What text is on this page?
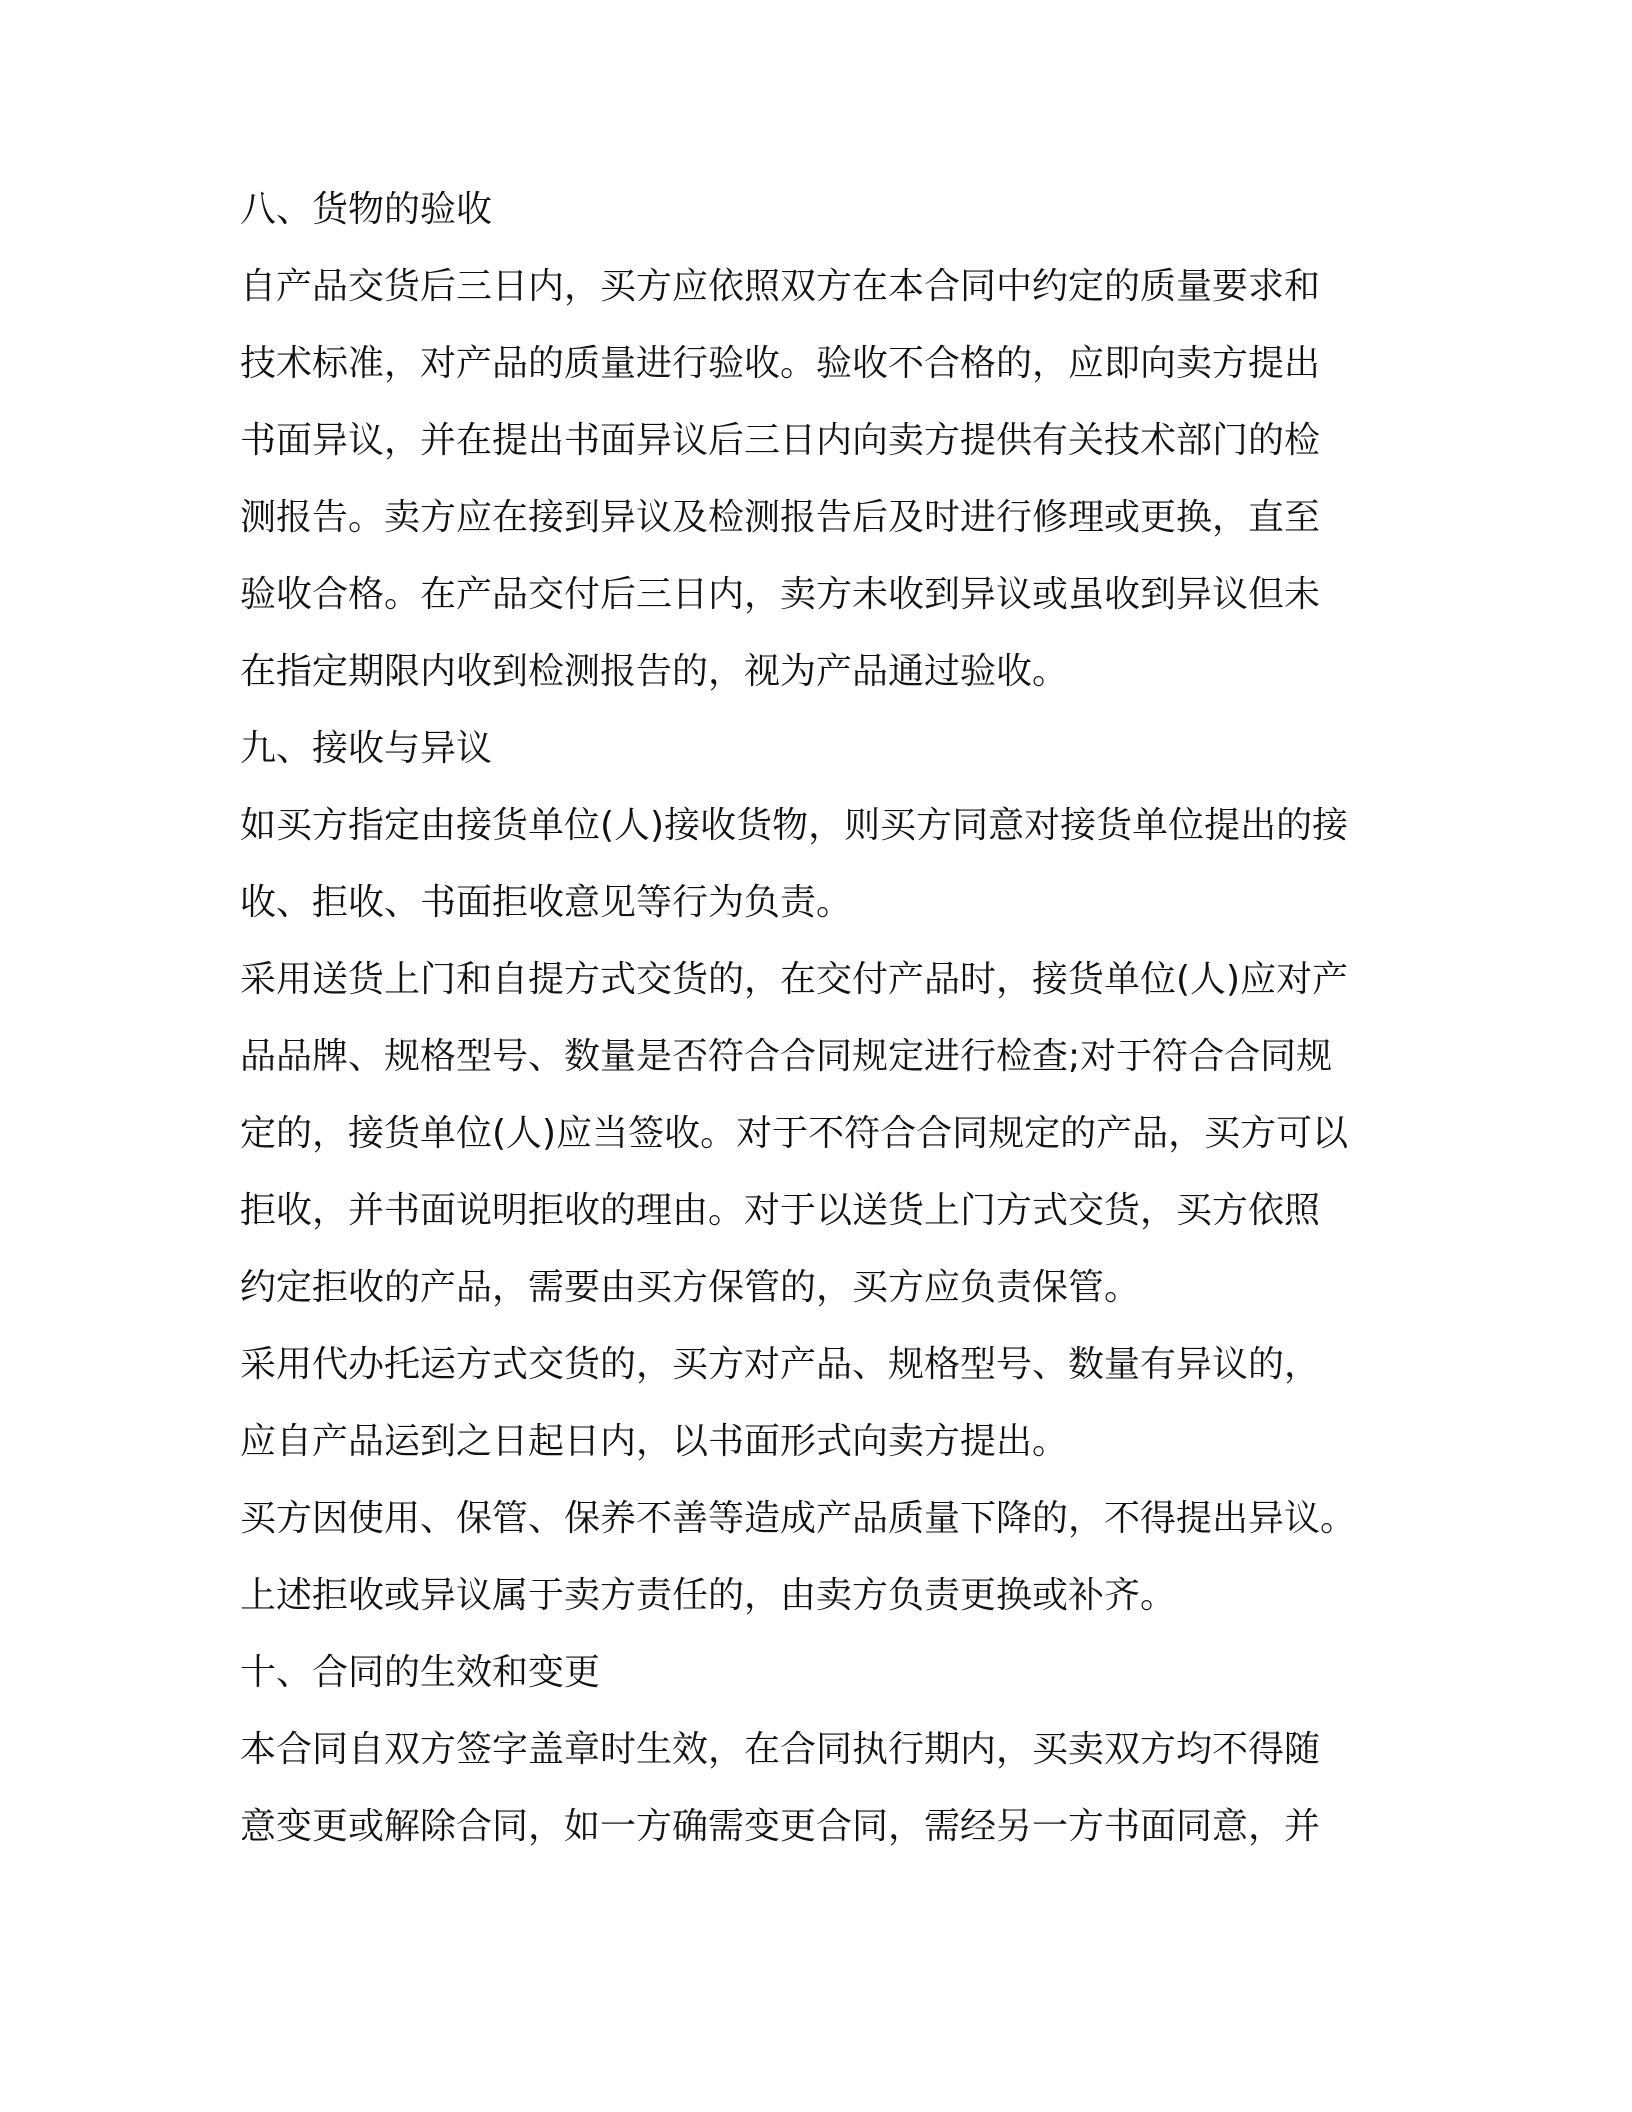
八、货物的验收
自产品交货后三日内，买方应依照双方在本合同中约定的质量要求和
技术标准，对产品的质量进行验收。验收不合格的，应即向卖方提出
书面异议，并在提出书面异议后三日内向卖方提供有关技术部门的检
测报告。卖方应在接到异议及检测报告后及时进行修理或更换，直至
验收合格。在产品交付后三日内，卖方未收到异议或虽收到异议但未
在指定期限内收到检测报告的，视为产品通过验收。
九、接收与异议
如买方指定由接货单位(人)接收货物，则买方同意对接货单位提出的接
收、拒收、书面拒收意见等行为负责。
采用送货上门和自提方式交货的，在交付产品时，接货单位(人)应对产
品品牌、规格型号、数量是否符合合同规定进行检查;对于符合合同规
定的，接货单位(人)应当签收。对于不符合合同规定的产品，买方可以
拒收，并书面说明拒收的理由。对于以送货上门方式交货，买方依照
约定拒收的产品，需要由买方保管的，买方应负责保管。
采用代办托运方式交货的，买方对产品、规格型号、数量有异议的，
应自产品运到之日起日内，以书面形式向卖方提出。
买方因使用、保管、保养不善等造成产品质量下降的，不得提出异议。
上述拒收或异议属于卖方责任的，由卖方负责更换或补齐。
十、合同的生效和变更
本合同自双方签字盖章时生效，在合同执行期内，买卖双方均不得随
意变更或解除合同，如一方确需变更合同，需经另一方书面同意，并
